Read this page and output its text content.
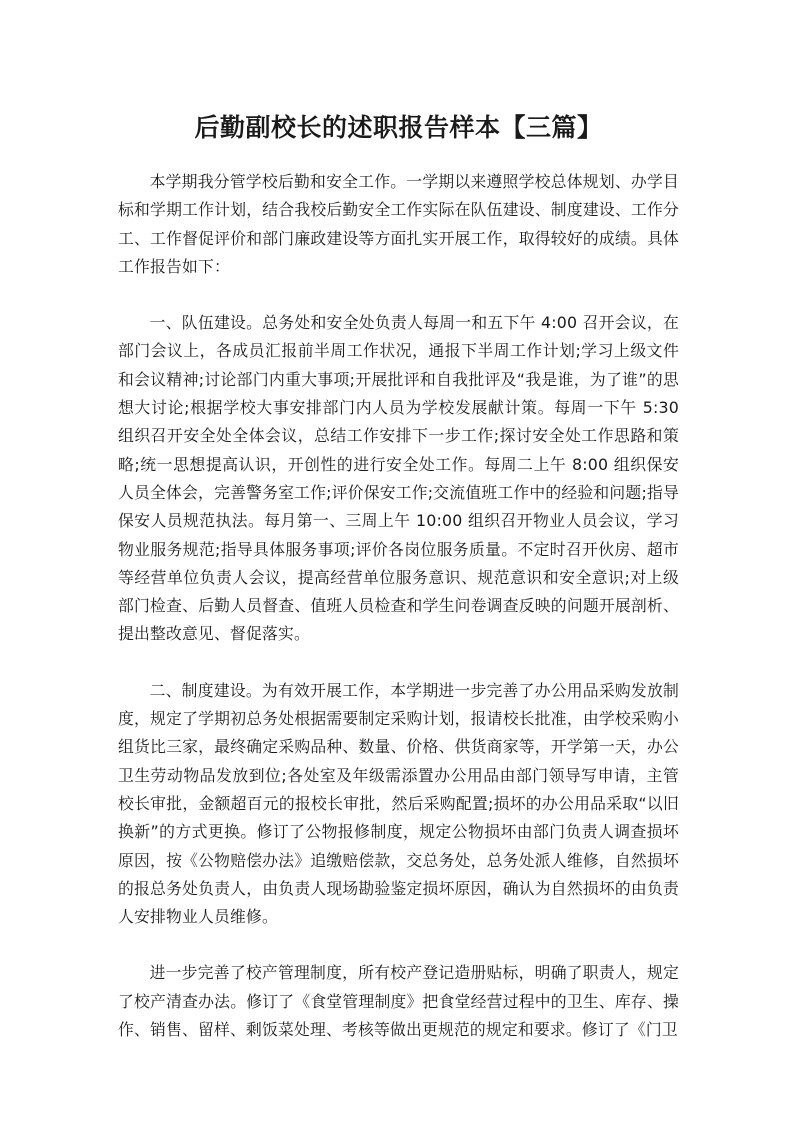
后勤副校长的述职报告样本【三篇】

本学期我分管学校后勤和安全工作。一学期以来遵照学校总体规划、办学目标和学期工作计划，结合我校后勤安全工作实际在队伍建设、制度建设、工作分工、工作督促评价和部门廉政建设等方面扎实开展工作，取得较好的成绩。具体工作报告如下：

一、队伍建设。总务处和安全处负责人每周一和五下午 4:00 召开会议，在部门会议上，各成员汇报前半周工作状况，通报下半周工作计划;学习上级文件和会议精神;讨论部门内重大事项;开展批评和自我批评及“我是谁，为了谁”的思想大讨论;根据学校大事安排部门内人员为学校发展献计策。每周一下午 5:30 组织召开安全处全体会议，总结工作安排下一步工作;探讨安全处工作思路和策略;统一思想提高认识，开创性的进行安全处工作。每周二上午 8:00 组织保安人员全体会，完善警务室工作;评价保安工作;交流值班工作中的经验和问题;指导保安人员规范执法。每月第一、三周上午 10:00 组织召开物业人员会议，学习物业服务规范;指导具体服务事项;评价各岗位服务质量。不定时召开伙房、超市等经营单位负责人会议，提高经营单位服务意识、规范意识和安全意识;对上级部门检查、后勤人员督查、值班人员检查和学生问卷调查反映的问题开展剖析、提出整改意见、督促落实。

二、制度建设。为有效开展工作，本学期进一步完善了办公用品采购发放制度，规定了学期初总务处根据需要制定采购计划，报请校长批准，由学校采购小组货比三家，最终确定采购品种、数量、价格、供货商家等，开学第一天，办公卫生劳动物品发放到位;各处室及年级需添置办公用品由部门领导写申请，主管校长审批，金额超百元的报校长审批，然后采购配置;损坏的办公用品采取“以旧换新”的方式更换。修订了公物报修制度，规定公物损坏由部门负责人调查损坏原因，按《公物赔偿办法》追缴赔偿款，交总务处，总务处派人维修，自然损坏的报总务处负责人，由负责人现场勘验鉴定损坏原因，确认为自然损坏的由负责人安排物业人员维修。

进一步完善了校产管理制度，所有校产登记造册贴标，明确了职责人，规定了校产清查办法。修订了《食堂管理制度》把食堂经营过程中的卫生、库存、操作、销售、留样、剩饭菜处理、考核等做出更规范的规定和要求。修订了《门卫
